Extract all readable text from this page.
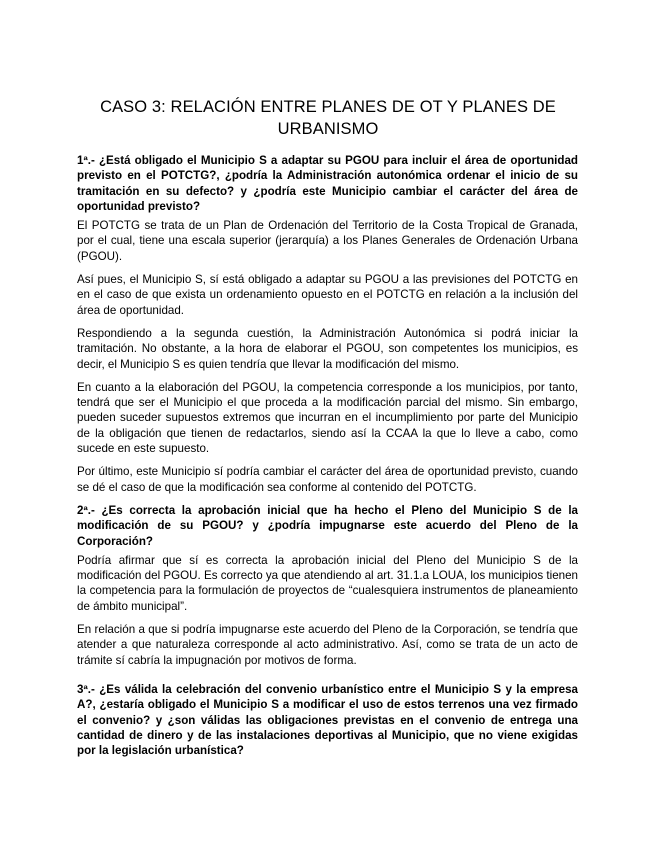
CASO 3: RELACIÓN ENTRE PLANES DE OT Y PLANES DE URBANISMO

1ª.- ¿Está obligado el Municipio S a adaptar su PGOU para incluir el área de oportunidad previsto en el POTCTG?, ¿podría la Administración autonómica ordenar el inicio de su tramitación en su defecto? y ¿podría este Municipio cambiar el carácter del área de oportunidad previsto?

El POTCTG se trata de un Plan de Ordenación del Territorio de la Costa Tropical de Granada, por el cual, tiene una escala superior (jerarquía) a los Planes Generales de Ordenación Urbana (PGOU).

Así pues, el Municipio S, sí está obligado a adaptar su PGOU a las previsiones del POTCTG en en el caso de que exista un ordenamiento opuesto en el POTCTG en relación a la inclusión del área de oportunidad.

Respondiendo a la segunda cuestión, la Administración Autonómica si podrá iniciar la tramitación. No obstante, a la hora de elaborar el PGOU, son competentes los municipios, es decir, el Municipio S es quien tendría que llevar la modificación del mismo.

En cuanto a la elaboración del PGOU, la competencia corresponde a los municipios, por tanto, tendrá que ser el Municipio el que proceda a la modificación parcial del mismo. Sin embargo, pueden suceder supuestos extremos que incurran en el incumplimiento por parte del Municipio de la obligación que tienen de redactarlos, siendo así la CCAA la que lo lleve a cabo, como sucede en este supuesto.

Por último, este Municipio sí podría cambiar el carácter del área de oportunidad previsto, cuando se dé el caso de que la modificación sea conforme al contenido del POTCTG.

2ª.- ¿Es correcta la aprobación inicial que ha hecho el Pleno del Municipio S de la modificación de su PGOU? y ¿podría impugnarse este acuerdo del Pleno de la Corporación?

Podría afirmar que sí es correcta la aprobación inicial del Pleno del Municipio S de la modificación del PGOU. Es correcto ya que atendiendo al art. 31.1.a LOUA, los municipios tienen la competencia para la formulación de proyectos de “cualesquiera instrumentos de planeamiento de ámbito municipal”.

En relación a que si podría impugnarse este acuerdo del Pleno de la Corporación, se tendría que atender a que naturaleza corresponde al acto administrativo. Así, como se trata de un acto de trámite sí cabría la impugnación por motivos de forma.

3ª.- ¿Es válida la celebración del convenio urbanístico entre el Municipio S y la empresa A?, ¿estaría obligado el Municipio S a modificar el uso de estos terrenos una vez firmado el convenio? y ¿son válidas las obligaciones previstas en el convenio de entrega una cantidad de dinero y de las instalaciones deportivas al Municipio, que no viene exigidas por la legislación urbanística?
